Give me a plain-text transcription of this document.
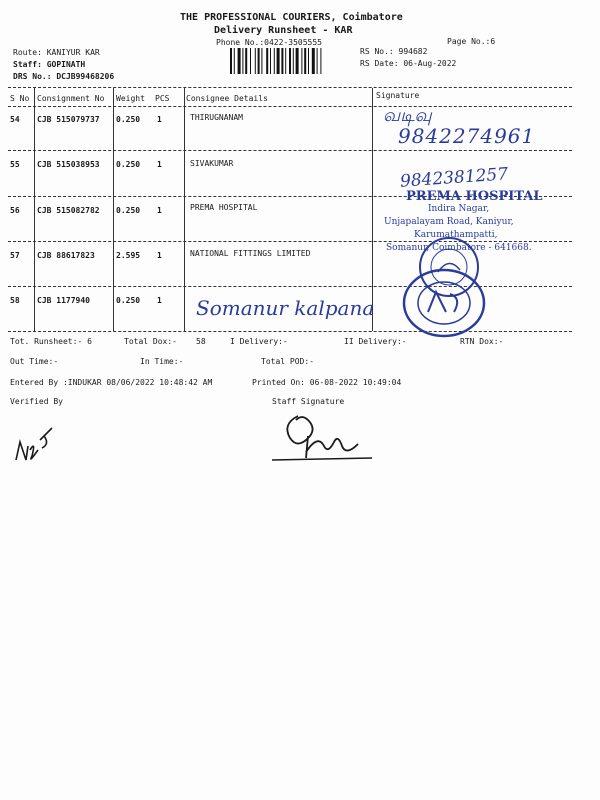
THE PROFESSIONAL COURIERS, Coimbatore
Delivery Runsheet - KAR
Phone No.:0422-3505555	Page No.:6
Route: KANIYUR KAR
Staff: GOPINATH
DRS No.: DCJB99468206
RS No.: 994682
RS Date: 06-Aug-2022
S No Consignment No Weight PCS Consignee Details	Signature
54 CJB 515079737 0.250 1	THIRUGNANAM
55 CJB 515038953 0.250 1	SIVAKUMAR
56 CJB 515082782 0.250 1	PREMA HOSPITAL
57 CJB 88617823	2.595 1	NATIONAL FITTINGS LIMITED
58 CJB 1177940	0.250 1
வடிவு
9842274961
9842381257
Somanur kalpana
PREMA HOSPITAL
Indira Nagar,
Unjapalayam Road, Kaniyur,
Karumathampatti,
Somanur, Coimbatore - 641668.
Tot. Runsheet:- 6	Total Dox:- 58	I Delivery:-	II Delivery:-	RTN Dox:-
Out Time:-	In Time:-	Total POD:-
Entered By :INDUKAR 08/06/2022 10:48:42 AM	Printed On: 06-08-2022 10:49:04
Verified By	Staff Signature
